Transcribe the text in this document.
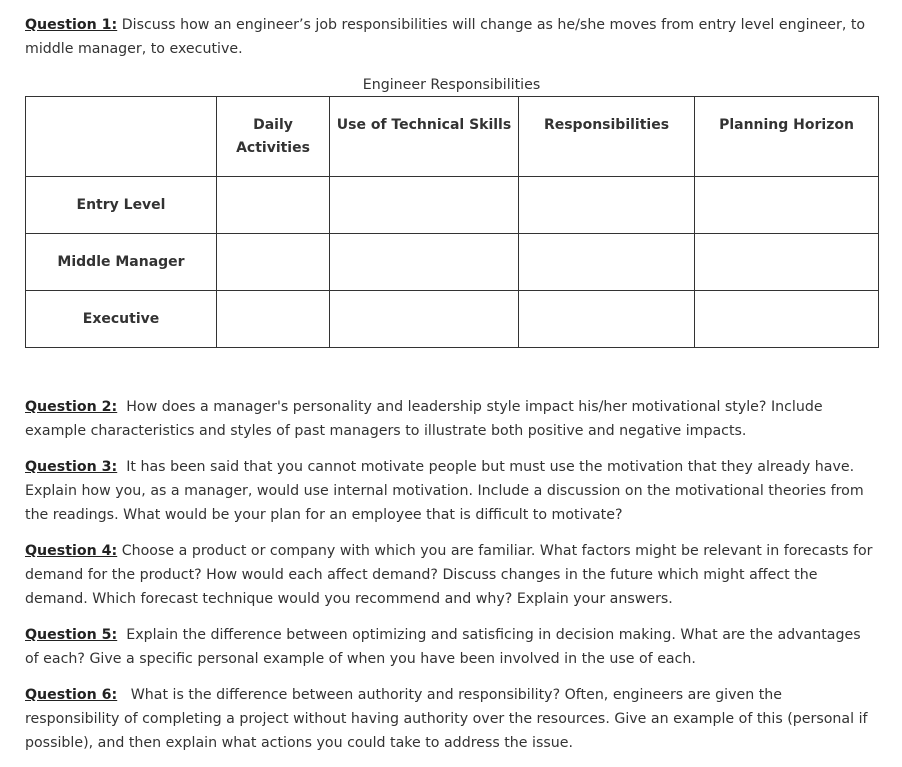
Question 1: Discuss how an engineer’s job responsibilities will change as he/she moves from entry level engineer, to middle manager, to executive.
Engineer Responsibilities
	Daily Activities	Use of Technical Skills	Responsibilities	Planning Horizon
Entry Level				
Middle Manager				
Executive				

Question 2:  How does a manager's personality and leadership style impact his/her motivational style? Include example characteristics and styles of past managers to illustrate both positive and negative impacts.

Question 3:  It has been said that you cannot motivate people but must use the motivation that they already have. Explain how you, as a manager, would use internal motivation. Include a discussion on the motivational theories from the readings. What would be your plan for an employee that is difficult to motivate?

Question 4: Choose a product or company with which you are familiar. What factors might be relevant in forecasts for demand for the product? How would each affect demand? Discuss changes in the future which might affect the demand. Which forecast technique would you recommend and why? Explain your answers.

Question 5:  Explain the difference between optimizing and satisficing in decision making. What are the advantages of each? Give a specific personal example of when you have been involved in the use of each.

Question 6:   What is the difference between authority and responsibility? Often, engineers are given the responsibility of completing a project without having authority over the resources. Give an example of this (personal if possible), and then explain what actions you could take to address the issue.
